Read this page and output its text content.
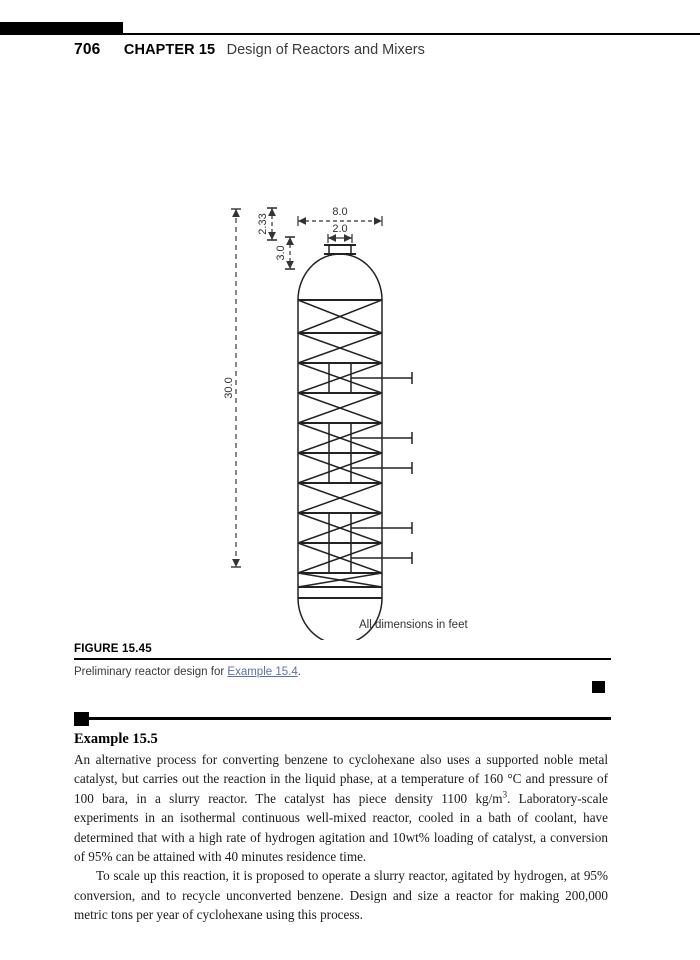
706 CHAPTER 15 Design of Reactors and Mixers
8.0
2.0
30.0
2.33
3.0
All dimensions in feet
FIGURE 15.45
Preliminary reactor design for Example 15.4.
Example 15.5

An alternative process for converting benzene to cyclohexane also uses a supported noble metal catalyst, but carries out the reaction in the liquid phase, at a temperature of 160 °C and pressure of 100 bara, in a slurry reactor. The catalyst has piece density 1100 $kg/m^3$. Laboratory-scale experiments in an isothermal continuous well-mixed reactor, cooled in a bath of coolant, have determined that with a high rate of hydrogen agitation and 10wt% loading of catalyst, a conversion of 95% can be attained with 40 minutes residence time.

To scale up this reaction, it is proposed to operate a slurry reactor, agitated by hydrogen, at 95% conversion, and to recycle unconverted benzene. Design and size a reactor for making 200,000 metric tons per year of cyclohexane using this process.
